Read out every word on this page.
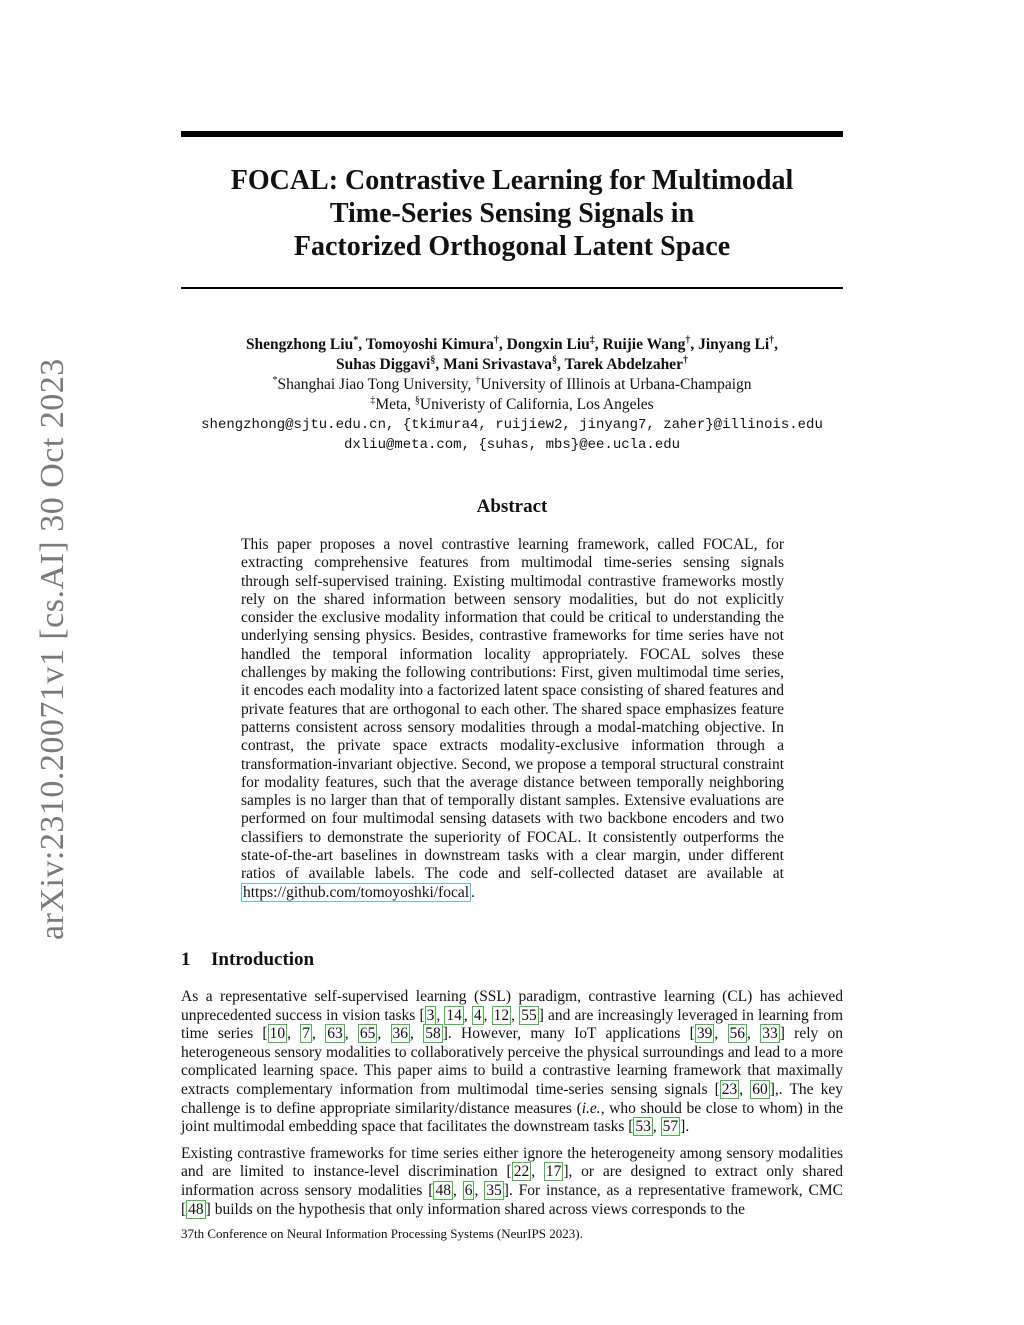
arXiv:2310.20071v1 [cs.AI] 30 Oct 2023
FOCAL: Contrastive Learning for Multimodal
Time-Series Sensing Signals in
Factorized Orthogonal Latent Space
Shengzhong Liu*, Tomoyoshi Kimura†, Dongxin Liu‡, Ruijie Wang†, Jinyang Li†,
Suhas Diggavi§, Mani Srivastava§, Tarek Abdelzaher†
*Shanghai Jiao Tong University, †University of Illinois at Urbana-Champaign
‡Meta, §Univeristy of California, Los Angeles
shengzhong@sjtu.edu.cn, {tkimura4, ruijiew2, jinyang7, zaher}@illinois.edu
dxliu@meta.com, {suhas, mbs}@ee.ucla.edu
Abstract
This paper proposes a novel contrastive learning framework, called FOCAL, for extracting comprehensive features from multimodal time-series sensing signals through self-supervised training. Existing multimodal contrastive frameworks mostly rely on the shared information between sensory modalities, but do not explicitly consider the exclusive modality information that could be critical to understanding the underlying sensing physics. Besides, contrastive frameworks for time series have not handled the temporal information locality appropriately. FOCAL solves these challenges by making the following contributions: First, given multimodal time series, it encodes each modality into a factorized latent space consisting of shared features and private features that are orthogonal to each other. The shared space emphasizes feature patterns consistent across sensory modalities through a modal-matching objective. In contrast, the private space extracts modality-exclusive information through a transformation-invariant objective. Second, we propose a temporal structural constraint for modality features, such that the average distance between temporally neighboring samples is no larger than that of temporally distant samples. Extensive evaluations are performed on four multimodal sensing datasets with two backbone encoders and two classifiers to demonstrate the superiority of FOCAL. It consistently outperforms the state-of-the-art baselines in downstream tasks with a clear margin, under different ratios of available labels. The code and self-collected dataset are available at https://github.com/tomoyoshki/focal .
1 Introduction

As a representative self-supervised learning (SSL) paradigm, contrastive learning (CL) has achieved unprecedented success in vision tasks [ 3 , 14 , 4 , 12 , 55 ] and are increasingly leveraged in learning from time series [ 10 , 7 , 63 , 65 , 36 , 58 ]. However, many IoT applications [ 39 , 56 , 33 ] rely on heterogeneous sensory modalities to collaboratively perceive the physical surroundings and lead to a more complicated learning space. This paper aims to build a contrastive learning framework that maximally extracts complementary information from multimodal time-series sensing signals [ 23 , 60 ],. The key challenge is to define appropriate similarity/distance measures (i.e., who should be close to whom) in the joint multimodal embedding space that facilitates the downstream tasks [ 53 , 57 ].

Existing contrastive frameworks for time series either ignore the heterogeneity among sensory modalities and are limited to instance-level discrimination [ 22 , 17 ], or are designed to extract only shared information across sensory modalities [ 48 , 6 , 35 ]. For instance, as a representative framework, CMC [ 48 ] builds on the hypothesis that only information shared across views corresponds to the

37th Conference on Neural Information Processing Systems (NeurIPS 2023).
